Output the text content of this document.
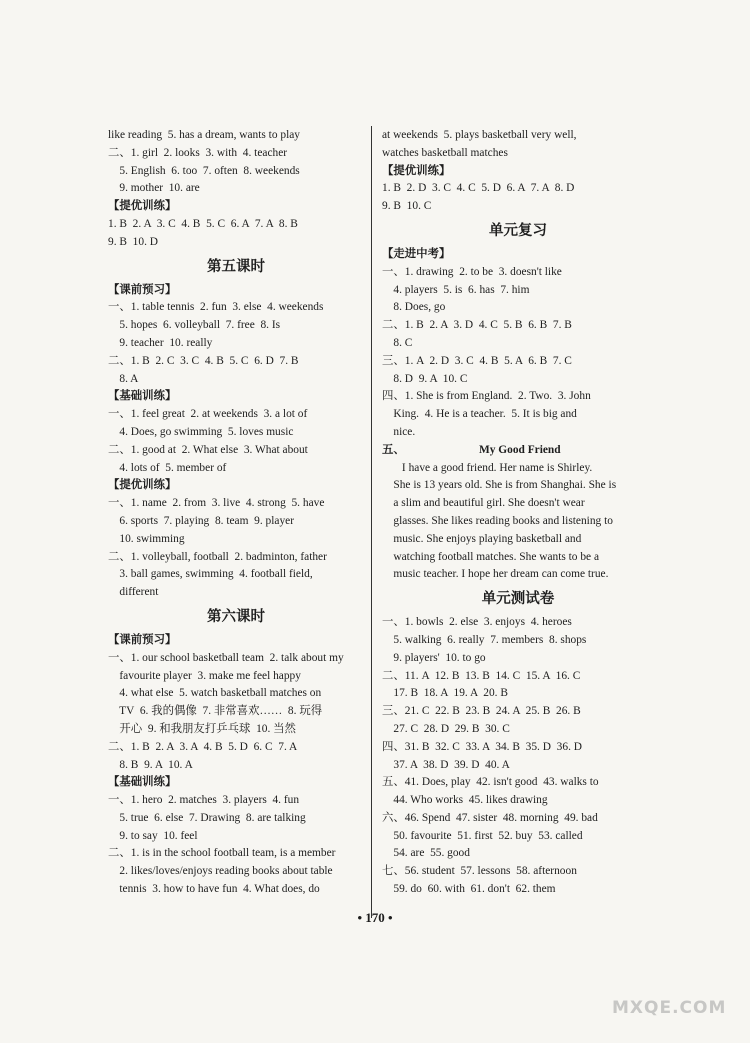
like reading  5. has a dream, wants to play
二、1. girl  2. looks  3. with  4. teacher
5. English  6. too  7. often  8. weekends
9. mother  10. are
【提优训练】
1. B  2. A  3. C  4. B  5. C  6. A  7. A  8. B
9. B  10. D
第五课时
【课前预习】
一、1. table tennis  2. fun  3. else  4. weekends
5. hopes  6. volleyball  7. free  8. Is
9. teacher  10. really
二、1. B  2. C  3. C  4. B  5. C  6. D  7. B
8. A
【基础训练】
一、1. feel great  2. at weekends  3. a lot of
4. Does, go swimming  5. loves music
二、1. good at  2. What else  3. What about
4. lots of  5. member of
【提优训练】
一、1. name  2. from  3. live  4. strong  5. have
6. sports  7. playing  8. team  9. player
10. swimming
二、1. volleyball, football  2. badminton, father
3. ball games, swimming  4. football field,
different
第六课时
【课前预习】
一、1. our school basketball team  2. talk about my
favourite player  3. make me feel happy
4. what else  5. watch basketball matches on
TV  6. 我的偶像  7. 非常喜欢……  8. 玩得
开心  9. 和我朋友打乒乓球  10. 当然
二、1. B  2. A  3. A  4. B  5. D  6. C  7. A
8. B  9. A  10. A
【基础训练】
一、1. hero  2. matches  3. players  4. fun
5. true  6. else  7. Drawing  8. are talking
9. to say  10. feel
二、1. is in the school football team, is a member
2. likes/loves/enjoys reading books about table
tennis  3. how to have fun  4. What does, do
at weekends  5. plays basketball very well,
watches basketball matches
【提优训练】
1. B  2. D  3. C  4. C  5. D  6. A  7. A  8. D
9. B  10. C
单元复习
【走进中考】
一、1. drawing  2. to be  3. doesn't like
4. players  5. is  6. has  7. him
8. Does, go
二、1. B  2. A  3. D  4. C  5. B  6. B  7. B
8. C
三、1. A  2. D  3. C  4. B  5. A  6. B  7. C
8. D  9. A  10. C
四、1. She is from England.  2. Two.  3. John
King.  4. He is a teacher.  5. It is big and
nice.
五、	My Good Friend
I have a good friend. Her name is Shirley.
She is 13 years old. She is from Shanghai. She is
a slim and beautiful girl. She doesn't wear
glasses. She likes reading books and listening to
music. She enjoys playing basketball and
watching football matches. She wants to be a
music teacher. I hope her dream can come true.
单元测试卷
一、1. bowls  2. else  3. enjoys  4. heroes
5. walking  6. really  7. members  8. shops
9. players'  10. to go
二、11. A  12. B  13. B  14. C  15. A  16. C
17. B  18. A  19. A  20. B
三、21. C  22. B  23. B  24. A  25. B  26. B
27. C  28. D  29. B  30. C
四、31. B  32. C  33. A  34. B  35. D  36. D
37. A  38. D  39. D  40. A
五、41. Does, play  42. isn't good  43. walks to
44. Who works  45. likes drawing
六、46. Spend  47. sister  48. morning  49. bad
50. favourite  51. first  52. buy  53. called
54. are  55. good
七、56. student  57. lessons  58. afternoon
59. do  60. with  61. don't  62. them
• 170 •
MXQE.COM
